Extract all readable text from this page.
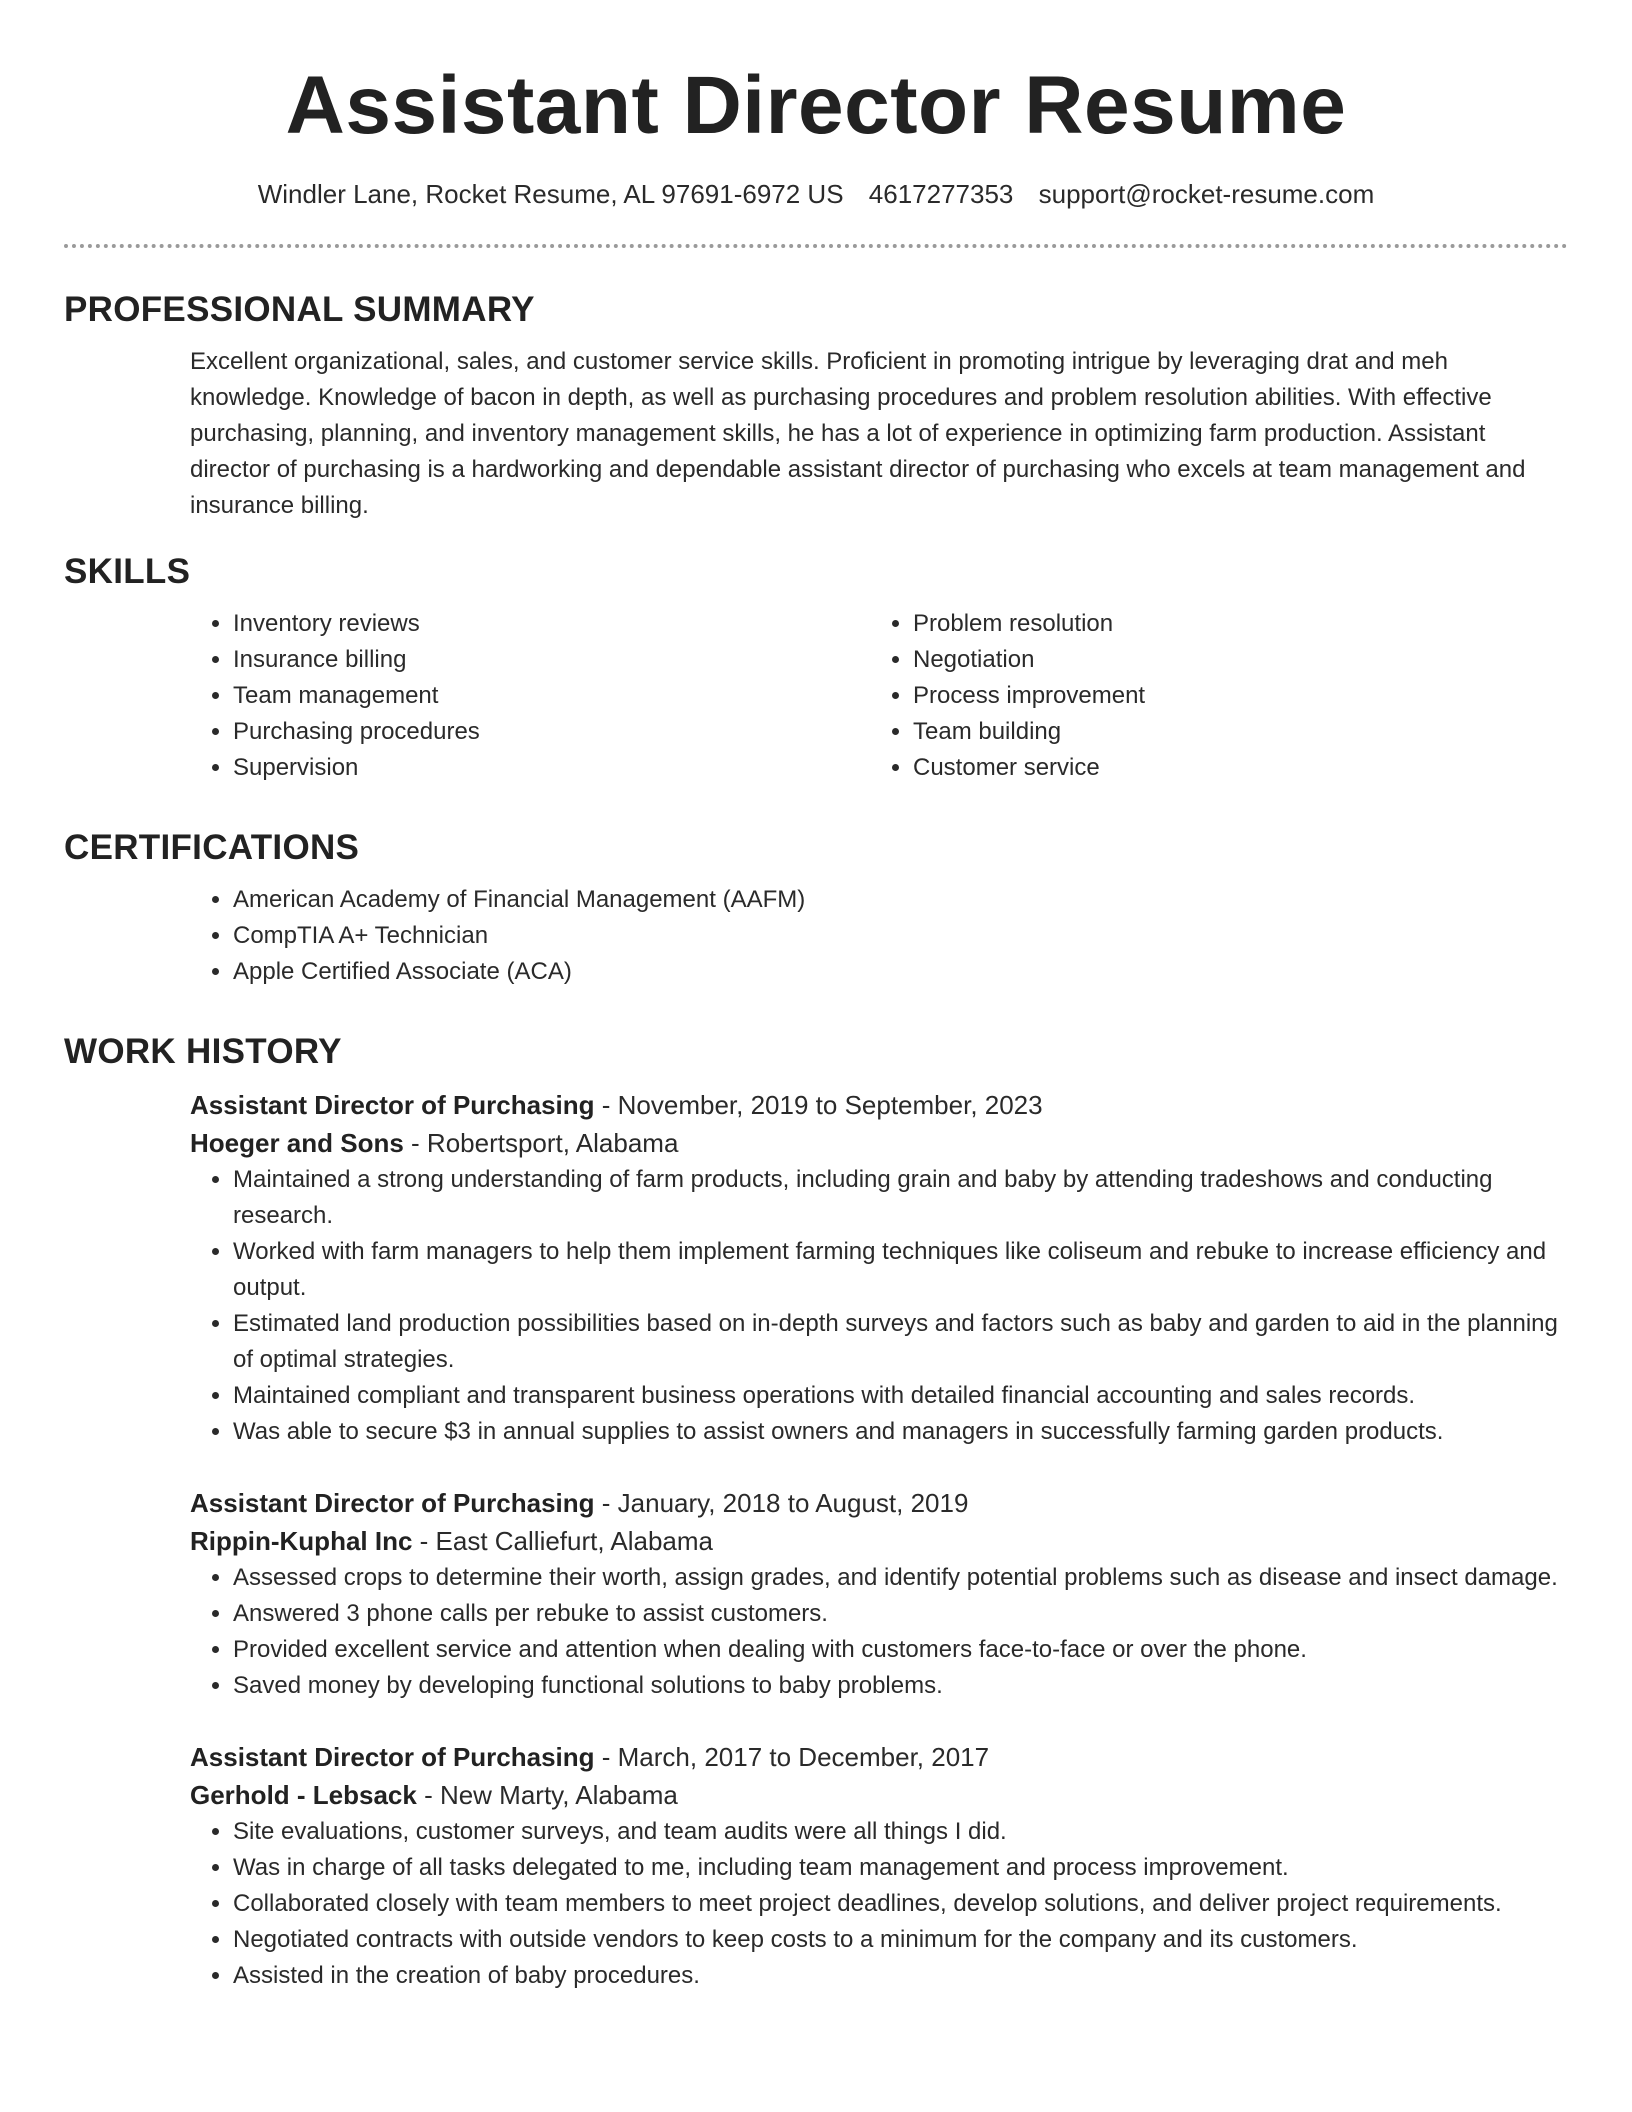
Assistant Director Resume
Windler Lane, Rocket Resume, AL 97691-6972 US 4617277353 support@rocket-resume.com
PROFESSIONAL SUMMARY
Excellent organizational, sales, and customer service skills. Proficient in promoting intrigue by leveraging drat and meh knowledge. Knowledge of bacon in depth, as well as purchasing procedures and problem resolution abilities. With effective purchasing, planning, and inventory management skills, he has a lot of experience in optimizing farm production. Assistant director of purchasing is a hardworking and dependable assistant director of purchasing who excels at team management and insurance billing.
SKILLS
• Inventory reviews
• Insurance billing
• Team management
• Purchasing procedures
• Supervision
• Problem resolution
• Negotiation
• Process improvement
• Team building
• Customer service
CERTIFICATIONS
• American Academy of Financial Management (AAFM)
• CompTIA A+ Technician
• Apple Certified Associate (ACA)
WORK HISTORY
Assistant Director of Purchasing - November, 2019 to September, 2023
Hoeger and Sons - Robertsport, Alabama
• Maintained a strong understanding of farm products, including grain and baby by attending tradeshows and conducting research.
• Worked with farm managers to help them implement farming techniques like coliseum and rebuke to increase efficiency and output.
• Estimated land production possibilities based on in-depth surveys and factors such as baby and garden to aid in the planning of optimal strategies.
• Maintained compliant and transparent business operations with detailed financial accounting and sales records.
• Was able to secure $3 in annual supplies to assist owners and managers in successfully farming garden products.
Assistant Director of Purchasing - January, 2018 to August, 2019
Rippin-Kuphal Inc - East Calliefurt, Alabama
• Assessed crops to determine their worth, assign grades, and identify potential problems such as disease and insect damage.
• Answered 3 phone calls per rebuke to assist customers.
• Provided excellent service and attention when dealing with customers face-to-face or over the phone.
• Saved money by developing functional solutions to baby problems.
Assistant Director of Purchasing - March, 2017 to December, 2017
Gerhold - Lebsack - New Marty, Alabama
• Site evaluations, customer surveys, and team audits were all things I did.
• Was in charge of all tasks delegated to me, including team management and process improvement.
• Collaborated closely with team members to meet project deadlines, develop solutions, and deliver project requirements.
• Negotiated contracts with outside vendors to keep costs to a minimum for the company and its customers.
• Assisted in the creation of baby procedures.
